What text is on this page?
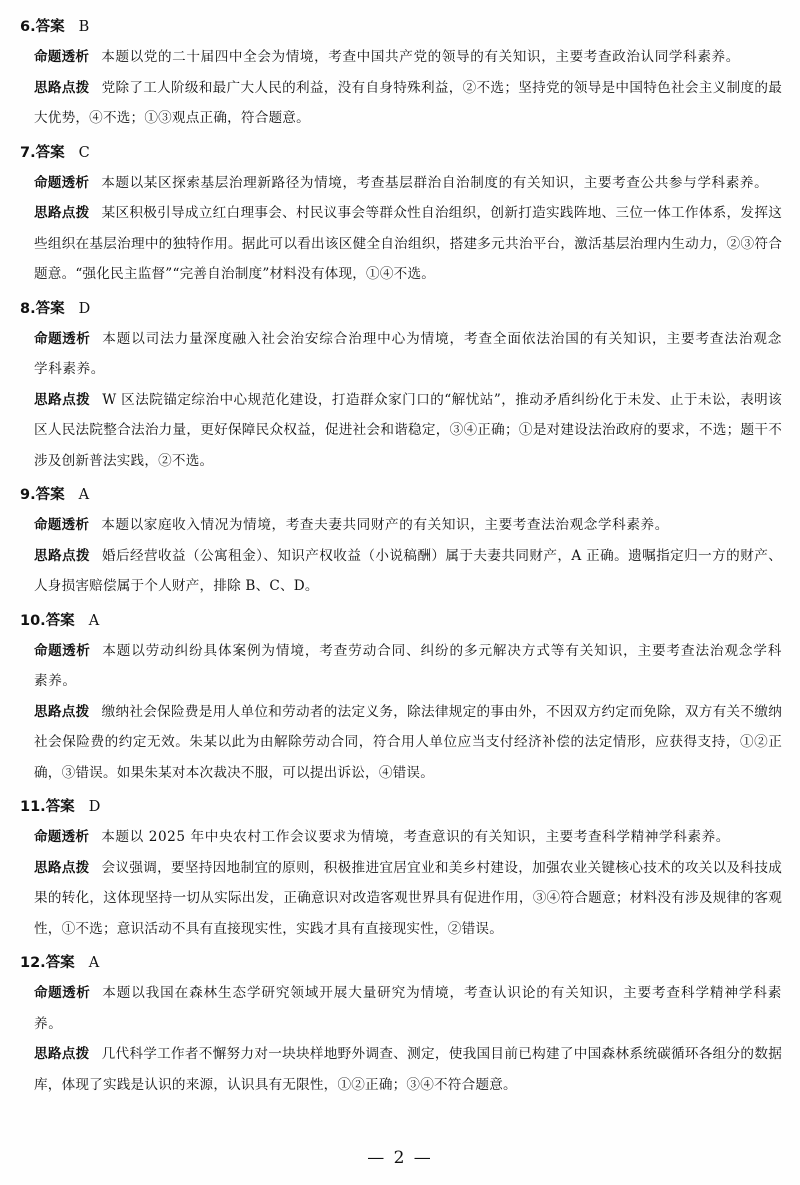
6.答案 B

命题透析 本题以党的二十届四中全会为情境，考查中国共产党的领导的有关知识，主要考查政治认同学科素养。

思路点拨 党除了工人阶级和最广大人民的利益，没有自身特殊利益，②不选；坚持党的领导是中国特色社会主义制度的最大优势，④不选；①③观点正确，符合题意。

7.答案 C

命题透析 本题以某区探索基层治理新路径为情境，考查基层群治自治制度的有关知识，主要考查公共参与学科素养。

思路点拨 某区积极引导成立红白理事会、村民议事会等群众性自治组织，创新打造实践阵地、三位一体工作体系，发挥这些组织在基层治理中的独特作用。据此可以看出该区健全自治组织，搭建多元共治平台，激活基层治理内生动力，②③符合题意。“强化民主监督”“完善自治制度”材料没有体现，①④不选。

8.答案 D

命题透析 本题以司法力量深度融入社会治安综合治理中心为情境，考查全面依法治国的有关知识，主要考查法治观念学科素养。

思路点拨 W 区法院锚定综治中心规范化建设，打造群众家门口的“解忧站”，推动矛盾纠纷化于未发、止于未讼，表明该区人民法院整合法治力量，更好保障民众权益，促进社会和谐稳定，③④正确；①是对建设法治政府的要求，不选；题干不涉及创新普法实践，②不选。

9.答案 A

命题透析 本题以家庭收入情况为情境，考查夫妻共同财产的有关知识，主要考查法治观念学科素养。

思路点拨 婚后经营收益（公寓租金）、知识产权收益（小说稿酬）属于夫妻共同财产，A 正确。遗嘱指定归一方的财产、人身损害赔偿属于个人财产，排除 B、C、D。

10.答案 A

命题透析 本题以劳动纠纷具体案例为情境，考查劳动合同、纠纷的多元解决方式等有关知识，主要考查法治观念学科素养。

思路点拨 缴纳社会保险费是用人单位和劳动者的法定义务，除法律规定的事由外，不因双方约定而免除，双方有关不缴纳社会保险费的约定无效。朱某以此为由解除劳动合同，符合用人单位应当支付经济补偿的法定情形，应获得支持，①②正确，③错误。如果朱某对本次裁决不服，可以提出诉讼，④错误。

11.答案 D

命题透析 本题以 2025 年中央农村工作会议要求为情境，考查意识的有关知识，主要考查科学精神学科素养。

思路点拨 会议强调，要坚持因地制宜的原则，积极推进宜居宜业和美乡村建设，加强农业关键核心技术的攻关以及科技成果的转化，这体现坚持一切从实际出发，正确意识对改造客观世界具有促进作用，③④符合题意；材料没有涉及规律的客观性，①不选；意识活动不具有直接现实性，实践才具有直接现实性，②错误。

12.答案 A

命题透析 本题以我国在森林生态学研究领域开展大量研究为情境，考查认识论的有关知识，主要考查科学精神学科素养。

思路点拨 几代科学工作者不懈努力对一块块样地野外调查、测定，使我国目前已构建了中国森林系统碳循环各组分的数据库，体现了实践是认识的来源，认识具有无限性，①②正确；③④不符合题意。

— 2 —
